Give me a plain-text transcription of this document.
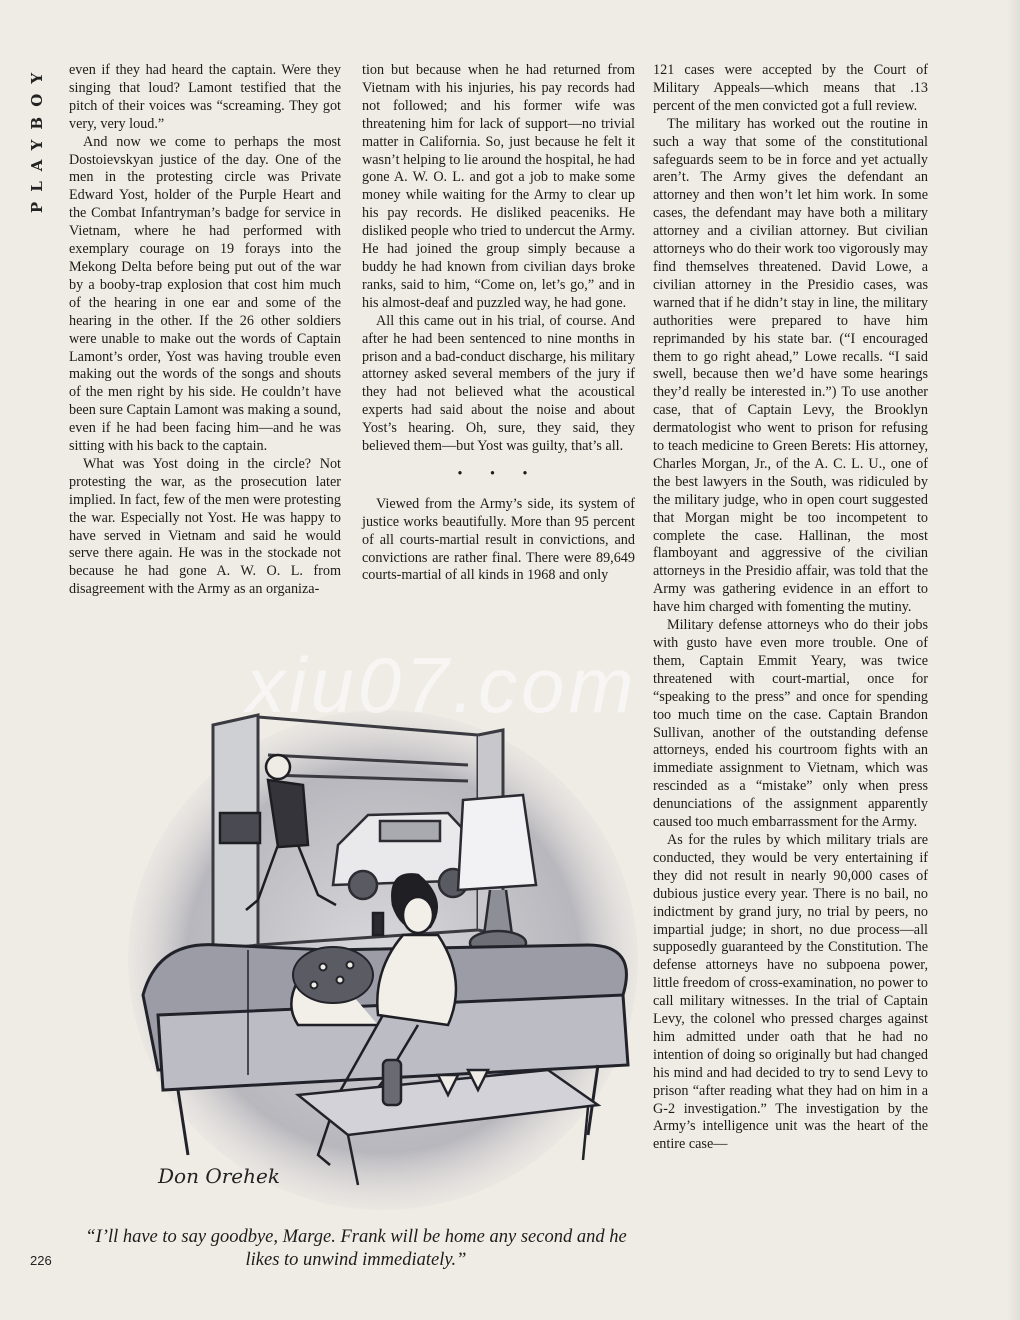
PLAYBOY even if they had heard the captain. Were they singing that loud? Lamont testified that the pitch of their voices was “screaming. They got very, very loud.”

And now we come to perhaps the most Dostoievskyan justice of the day. One of the men in the protesting circle was Private Edward Yost, holder of the Purple Heart and the Combat Infantryman’s badge for service in Vietnam, where he had performed with exemplary courage on 19 forays into the Mekong Delta before being put out of the war by a booby-trap explosion that cost him much of the hearing in one ear and some of the hearing in the other. If the 26 other soldiers were unable to make out the words of Captain Lamont’s order, Yost was having trouble even making out the words of the songs and shouts of the men right by his side. He couldn’t have been sure Captain Lamont was making a sound, even if he had been facing him—and he was sitting with his back to the captain.

What was Yost doing in the circle? Not protesting the war, as the prosecution later implied. In fact, few of the men were protesting the war. Especially not Yost. He was happy to have served in Vietnam and said he would serve there again. He was in the stockade not because he had gone A. W. O. L. from disagreement with the Army as an organiza-

tion but because when he had returned from Vietnam with his injuries, his pay records had not followed; and his former wife was threatening him for lack of support—no trivial matter in California. So, just because he felt it wasn’t helping to lie around the hospital, he had gone A. W. O. L. and got a job to make some money while waiting for the Army to clear up his pay records. He disliked peaceniks. He disliked people who tried to undercut the Army. He had joined the group simply because a buddy he had known from civilian days broke ranks, said to him, “Come on, let’s go,” and in his almost-deaf and puzzled way, he had gone.

All this came out in his trial, of course. And after he had been sentenced to nine months in prison and a bad-conduct discharge, his military attorney asked several members of the jury if they had not believed what the acoustical experts had said about the noise and about Yost’s hearing. Oh, sure, they said, they believed them—but Yost was guilty, that’s all.

• • •

Viewed from the Army’s side, its system of justice works beautifully. More than 95 percent of all courts-martial result in convictions, and convictions are rather final. There were 89,649 courts-martial of all kinds in 1968 and only

121 cases were accepted by the Court of Military Appeals—which means that .13 percent of the men convicted got a full review.

The military has worked out the routine in such a way that some of the constitutional safeguards seem to be in force and yet actually aren’t. The Army gives the defendant an attorney and then won’t let him work. In some cases, the defendant may have both a military attorney and a civilian attorney. But civilian attorneys who do their work too vigorously may find themselves threatened. David Lowe, a civilian attorney in the Presidio cases, was warned that if he didn’t stay in line, the military authorities were prepared to have him reprimanded by his state bar. (“I encouraged them to go right ahead,” Lowe recalls. “I said swell, because then we’d have some hearings they’d really be interested in.”) To use another case, that of Captain Levy, the Brooklyn dermatologist who went to prison for refusing to teach medicine to Green Berets: His attorney, Charles Morgan, Jr., of the A. C. L. U., one of the best lawyers in the South, was ridiculed by the military judge, who in open court suggested that Morgan might be too incompetent to complete the case. Hallinan, the most flamboyant and aggressive of the civilian attorneys in the Presidio affair, was told that the Army was gathering evidence in an effort to have him charged with fomenting the mutiny.

Military defense attorneys who do their jobs with gusto have even more trouble. One of them, Captain Emmit Yeary, was twice threatened with court-martial, once for “speaking to the press” and once for spending too much time on the case. Captain Brandon Sullivan, another of the outstanding defense attorneys, ended his courtroom fights with an immediate assignment to Vietnam, which was rescinded as a “mistake” only when press denunciations of the assignment apparently caused too much embarrassment for the Army.

As for the rules by which military trials are conducted, they would be very entertaining if they did not result in nearly 90,000 cases of dubious justice every year. There is no bail, no indictment by grand jury, no trial by peers, no impartial judge; in short, no due process—all supposedly guaranteed by the Constitution. The defense attorneys have no subpoena power, little freedom of cross-examination, no power to call military witnesses. In the trial of Captain Levy, the colonel who pressed charges against him admitted under oath that he had no intention of doing so originally but had changed his mind and had decided to try to send Levy to prison “after reading what they had on him in a G-2 investigation.” The investigation by the Army’s intelligence unit was the heart of the entire case—

Don Orehek
“I’ll have to say goodbye, Marge. Frank will be home any second and he likes to unwind immediately.”
226
xiu07.com
